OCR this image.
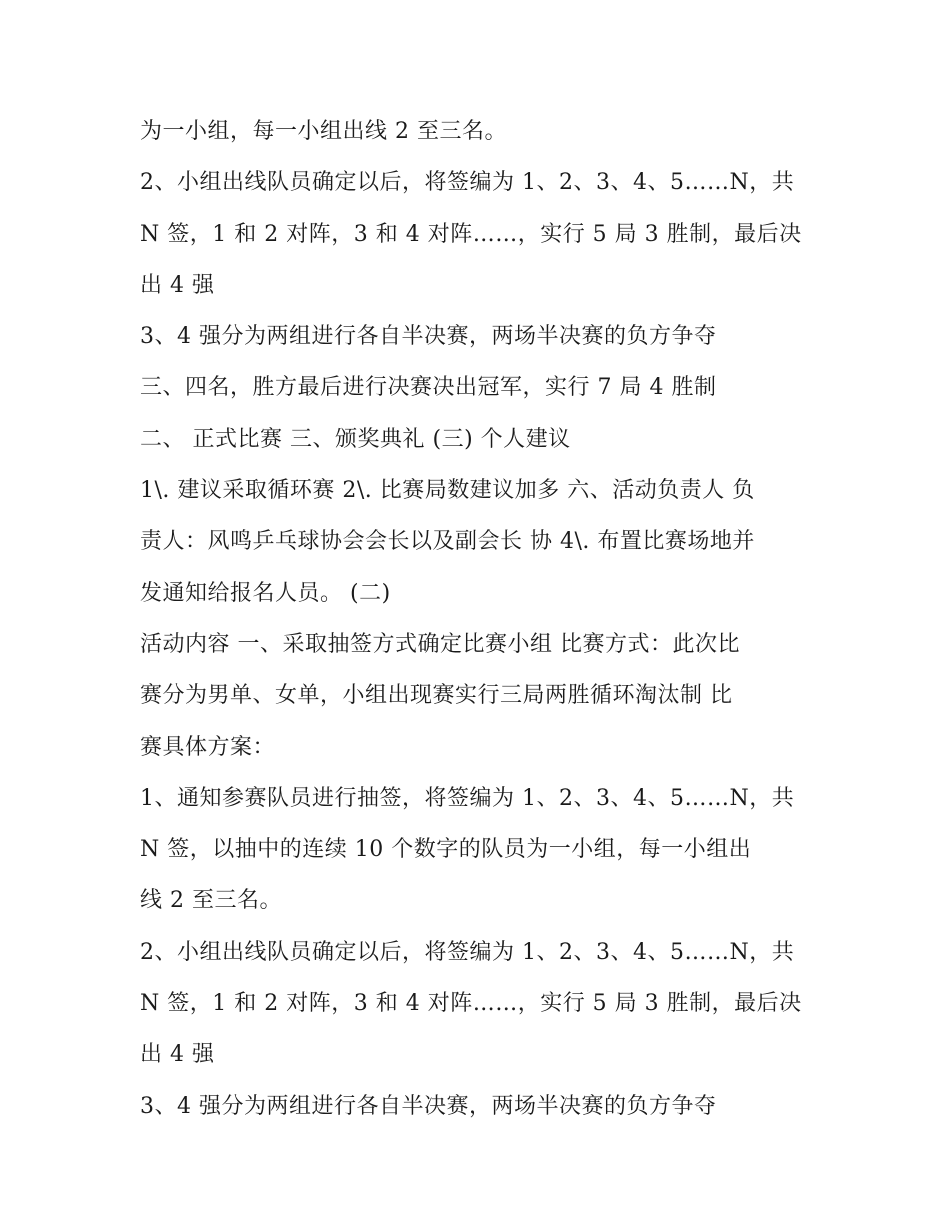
为一小组，每一小组出线 2 至三名。
2、小组出线队员确定以后，将签编为 1、2、3、4、5……N，共
N 签，1 和 2 对阵，3 和 4 对阵……，实行 5 局 3 胜制，最后决
出 4 强
3、4 强分为两组进行各自半决赛，两场半决赛的负方争夺
三、四名，胜方最后进行决赛决出冠军，实行 7 局 4 胜制
二、 正式比赛 三、颁奖典礼 (三) 个人建议
1\. 建议采取循环赛 2\. 比赛局数建议加多 六、活动负责人 负
责人：风鸣乒乓球协会会长以及副会长 协 4\. 布置比赛场地并
发通知给报名人员。 (二)
活动内容 一、采取抽签方式确定比赛小组 比赛方式：此次比
赛分为男单、女单，小组出现赛实行三局两胜循环淘汰制 比
赛具体方案：
1、通知参赛队员进行抽签，将签编为 1、2、3、4、5……N，共
N 签，以抽中的连续 10 个数字的队员为一小组，每一小组出
线 2 至三名。
2、小组出线队员确定以后，将签编为 1、2、3、4、5……N，共
N 签，1 和 2 对阵，3 和 4 对阵……，实行 5 局 3 胜制，最后决
出 4 强
3、4 强分为两组进行各自半决赛，两场半决赛的负方争夺
